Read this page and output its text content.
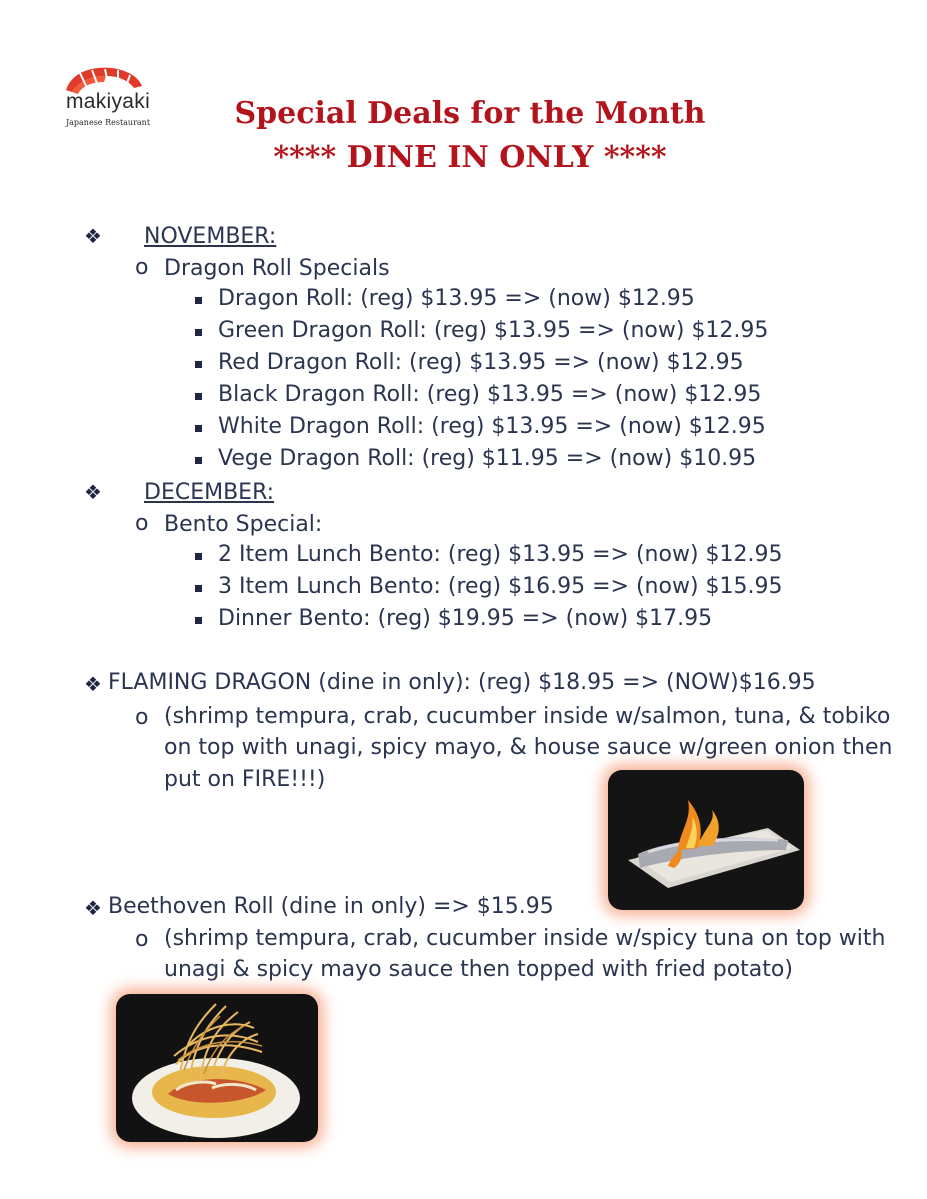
makiyaki
Japanese Restaurant	Special Deals for the Month
**** DINE IN ONLY ****
❖ NOVEMBER:
o Dragon Roll Specials
Dragon Roll: (reg) $13.95 => (now) $12.95
Green Dragon Roll: (reg) $13.95 => (now) $12.95
Red Dragon Roll: (reg) $13.95 => (now) $12.95
Black Dragon Roll: (reg) $13.95 => (now) $12.95
White Dragon Roll: (reg) $13.95 => (now) $12.95
Vege Dragon Roll: (reg) $11.95 => (now) $10.95
❖ DECEMBER:
o Bento Special:
2 Item Lunch Bento: (reg) $13.95 => (now) $12.95
3 Item Lunch Bento: (reg) $16.95 => (now) $15.95
Dinner Bento: (reg) $19.95 => (now) $17.95
❖ FLAMING DRAGON (dine in only): (reg) $18.95 => (NOW)$16.95
o (shrimp tempura, crab, cucumber inside w/salmon, tuna, & tobiko
on top with unagi, spicy mayo, & house sauce w/green onion then
put on FIRE!!!)
❖ Beethoven Roll (dine in only) => $15.95
o (shrimp tempura, crab, cucumber inside w/spicy tuna on top with
unagi & spicy mayo sauce then topped with fried potato)
